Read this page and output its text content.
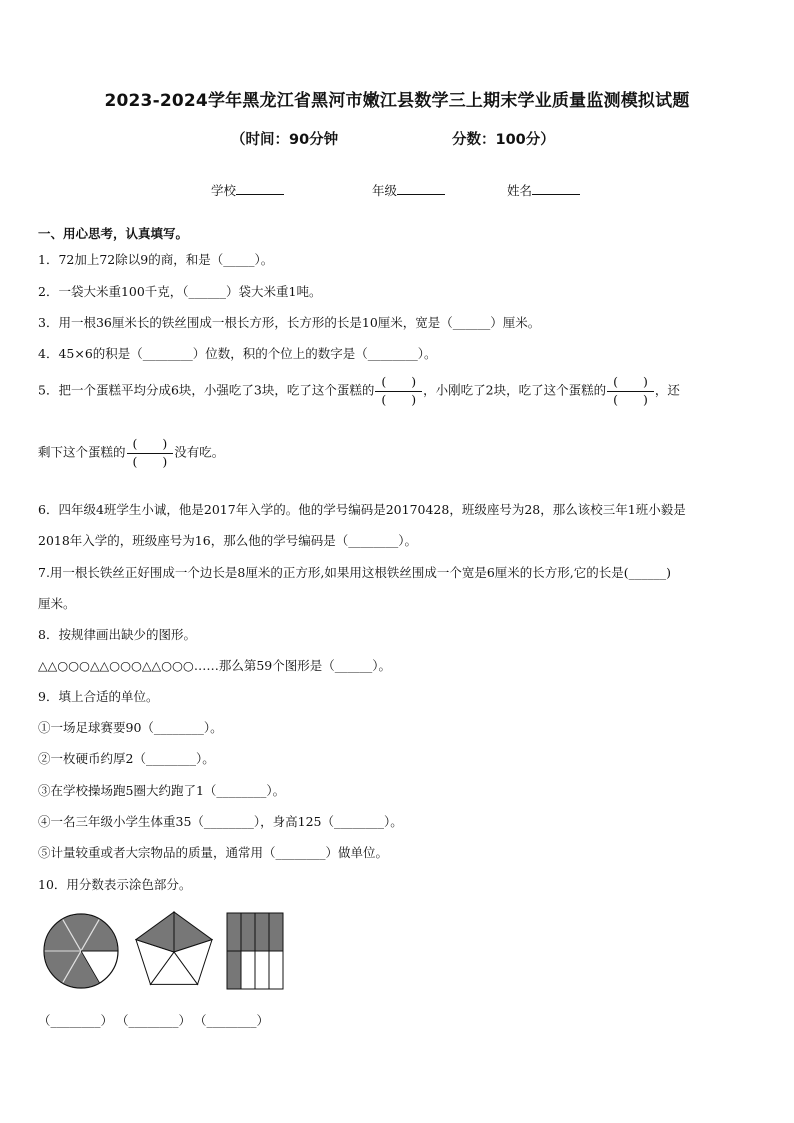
2023-2024学年黑龙江省黑河市嫩江县数学三上期末学业质量监测模拟试题
（时间：90分钟	分数：100分）
学校	年级	姓名
一、用心思考，认真填写。
1．72加上72除以9的商，和是（_____）。
2．一袋大米重100千克，（______）袋大米重1吨。
3．用一根36厘米长的铁丝围成一根长方形，长方形的长是10厘米，宽是（______）厘米。
4．45×6的积是（________）位数，积的个位上的数字是（________）。
5．把一个蛋糕平均分成6块，小强吃了3块，吃了这个蛋糕的 $\frac{( )}{( )}$ ，小刚吃了2块，吃了这个蛋糕的 $\frac{( )}{( )}$ ，还
剩下这个蛋糕的 $\frac{( )}{( )}$ 没有吃。
6．四年级4班学生小诚，他是2017年入学的。他的学号编码是20170428，班级座号为28，那么该校三年1班小毅是
2018年入学的，班级座号为16，那么他的学号编码是（________）。
7.用一根长铁丝正好围成一个边长是8厘米的正方形,如果用这根铁丝围成一个宽是6厘米的长方形,它的长是(______)
厘米。
8．按规律画出缺少的图形。
△△○○○△△○○○△△○○○……那么第59个图形是（______）。
9．填上合适的单位。
①一场足球赛要90（________）。
②一枚硬币约厚2（________）。
③在学校操场跑5圈大约跑了1（________）。
④一名三年级小学生体重35（________），身高125（________）。
⑤计量较重或者大宗物品的质量，通常用（________）做单位。
10．用分数表示涂色部分。
（________） （________） （________）
